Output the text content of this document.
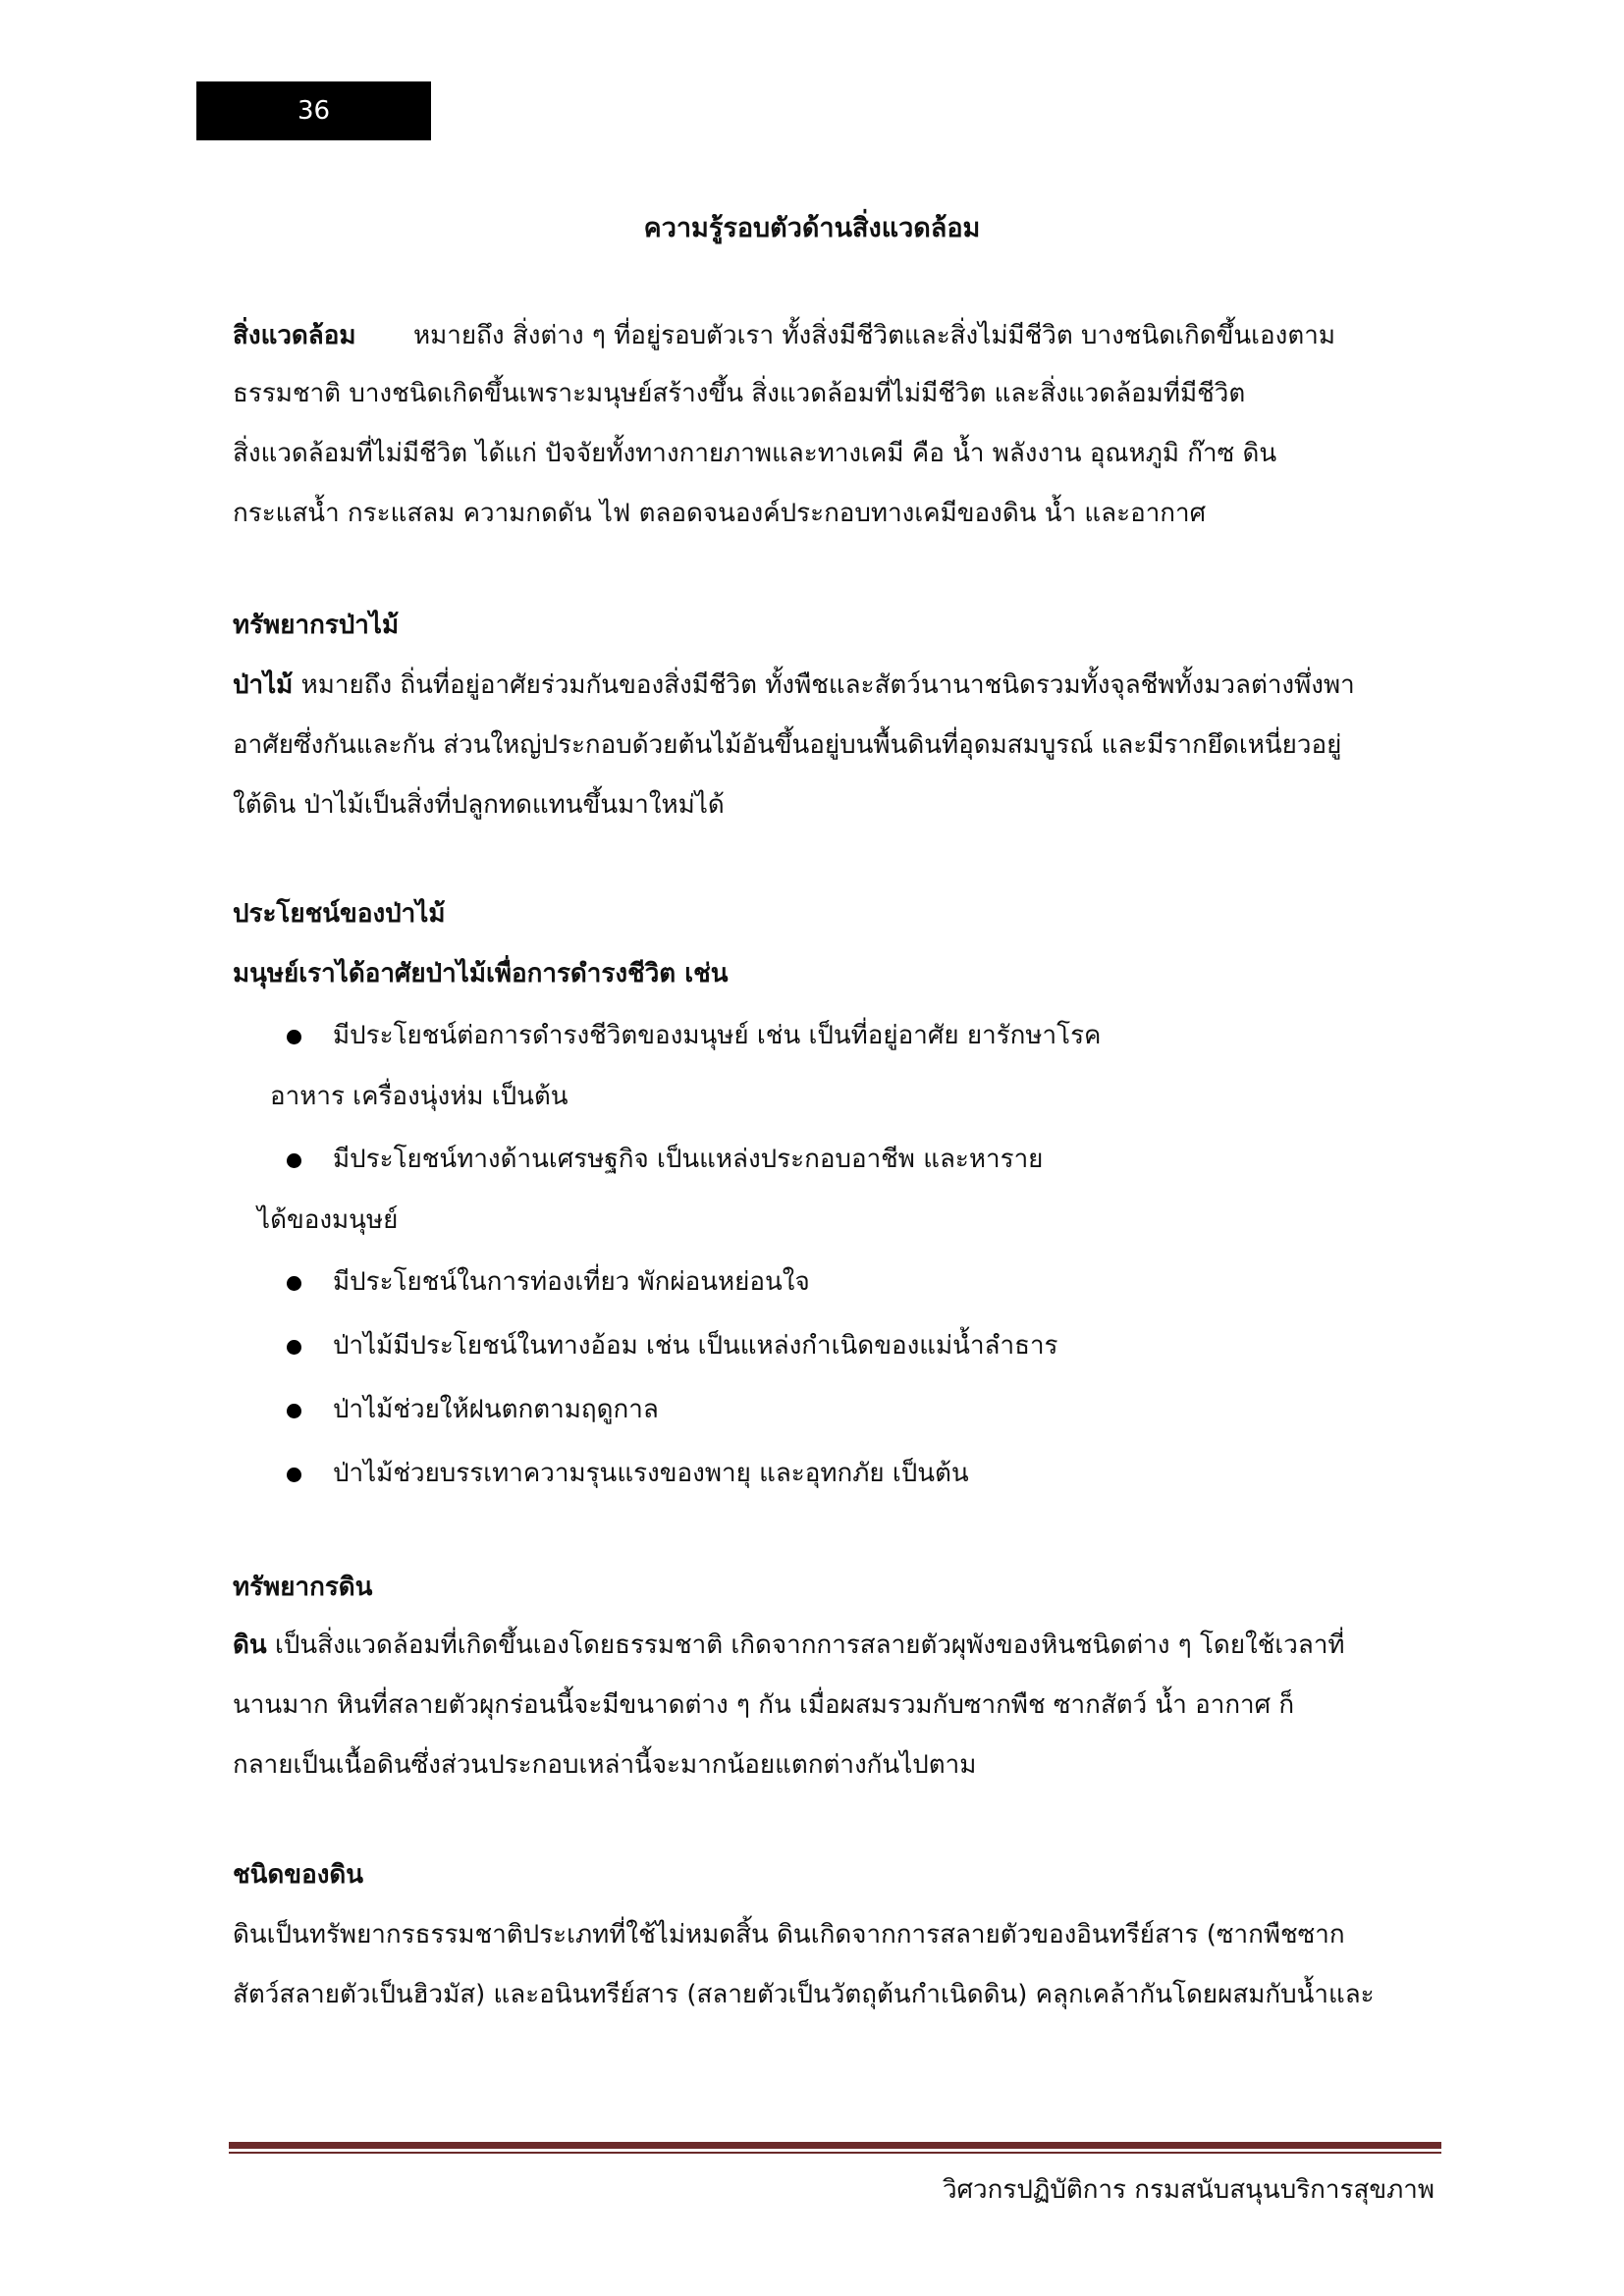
36
ความรู้รอบตัวด้านสิ่งแวดล้อม
สิ่งแวดล้อม หมายถึง สิ่งต่าง ๆ ที่อยู่รอบตัวเรา ทั้งสิ่งมีชีวิตและสิ่งไม่มีชีวิต บางชนิดเกิดขึ้นเองตาม
ธรรมชาติ บางชนิดเกิดขึ้นเพราะมนุษย์สร้างขึ้น สิ่งแวดล้อมที่ไม่มีชีวิต และสิ่งแวดล้อมที่มีชีวิต
สิ่งแวดล้อมที่ไม่มีชีวิต ได้แก่ ปัจจัยทั้งทางกายภาพและทางเคมี คือ น้ำ พลังงาน อุณหภูมิ ก๊าซ ดิน
กระแสน้ำ กระแสลม ความกดดัน ไฟ ตลอดจนองค์ประกอบทางเคมีของดิน น้ำ และอากาศ
ทรัพยากรป่าไม้
ป่าไม้ หมายถึง ถิ่นที่อยู่อาศัยร่วมกันของสิ่งมีชีวิต ทั้งพืชและสัตว์นานาชนิดรวมทั้งจุลชีพทั้งมวลต่างพึ่งพา
อาศัยซึ่งกันและกัน ส่วนใหญ่ประกอบด้วยต้นไม้อันขึ้นอยู่บนพื้นดินที่อุดมสมบูรณ์ และมีรากยึดเหนี่ยวอยู่
ใต้ดิน ป่าไม้เป็นสิ่งที่ปลูกทดแทนขึ้นมาใหม่ได้
ประโยชน์ของป่าไม้
มนุษย์เราได้อาศัยป่าไม้เพื่อการดำรงชีวิต เช่น
มีประโยชน์ต่อการดำรงชีวิตของมนุษย์ เช่น เป็นที่อยู่อาศัย ยารักษาโรค
อาหาร เครื่องนุ่งห่ม เป็นต้น
มีประโยชน์ทางด้านเศรษฐกิจ เป็นแหล่งประกอบอาชีพ และหาราย
ได้ของมนุษย์
มีประโยชน์ในการท่องเที่ยว พักผ่อนหย่อนใจ
ป่าไม้มีประโยชน์ในทางอ้อม เช่น เป็นแหล่งกำเนิดของแม่น้ำลำธาร
ป่าไม้ช่วยให้ฝนตกตามฤดูกาล
ป่าไม้ช่วยบรรเทาความรุนแรงของพายุ และอุทกภัย เป็นต้น
ทรัพยากรดิน
ดิน เป็นสิ่งแวดล้อมที่เกิดขึ้นเองโดยธรรมชาติ เกิดจากการสลายตัวผุพังของหินชนิดต่าง ๆ โดยใช้เวลาที่
นานมาก หินที่สลายตัวผุกร่อนนี้จะมีขนาดต่าง ๆ กัน เมื่อผสมรวมกับซากพืช ซากสัตว์ น้ำ อากาศ ก็
กลายเป็นเนื้อดินซึ่งส่วนประกอบเหล่านี้จะมากน้อยแตกต่างกันไปตาม
ชนิดของดิน
ดินเป็นทรัพยากรธรรมชาติประเภทที่ใช้ไม่หมดสิ้น ดินเกิดจากการสลายตัวของอินทรีย์สาร (ซากพืชซาก
สัตว์สลายตัวเป็นฮิวมัส) และอนินทรีย์สาร (สลายตัวเป็นวัตถุต้นกำเนิดดิน) คลุกเคล้ากันโดยผสมกับน้ำและ
วิศวกรปฏิบัติการ กรมสนับสนุนบริการสุขภาพ
